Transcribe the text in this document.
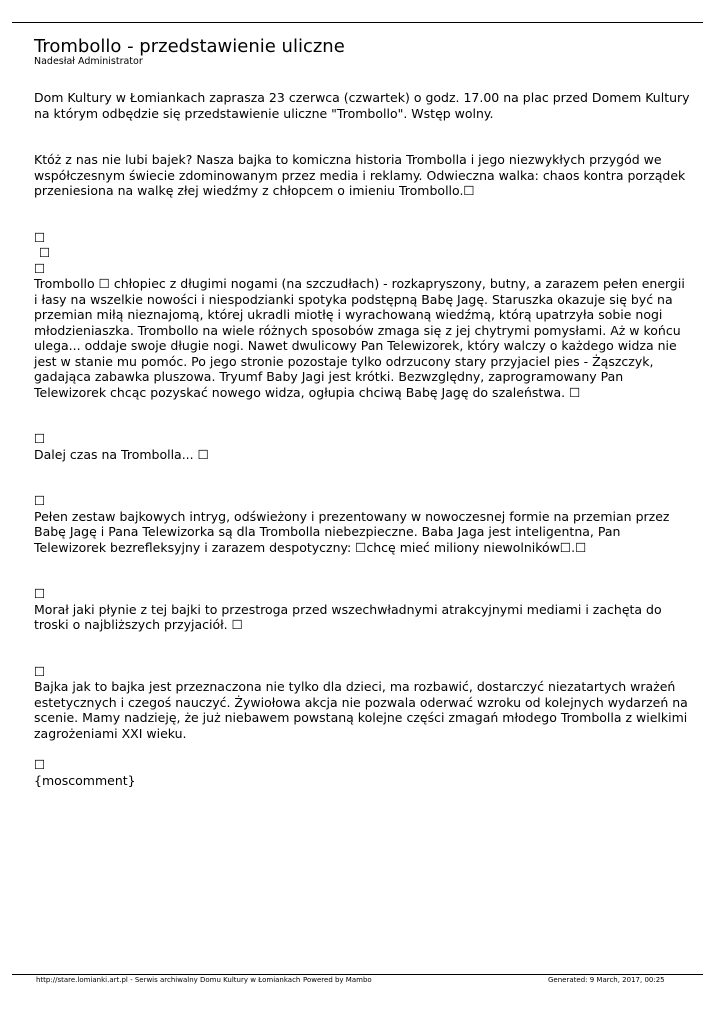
Trombollo - przedstawienie uliczne
Nadesłał Administrator

Dom Kultury w Łomiankach zaprasza 23 czerwca (czwartek) o godz. 17.00 na plac przed Domem Kultury na którym odbędzie się przedstawienie uliczne "Trombollo". Wstęp wolny.

Któż z nas nie lubi bajek? Nasza bajka to komiczna historia Trombolla i jego niezwykłych przygód we współczesnym świecie zdominowanym przez media i reklamy. Odwieczna walka: chaos kontra porządek przeniesiona na walkę złej wiedźmy z chłopcem o imieniu Trombollo.☐

☐
☐
☐

Trombollo ☐ chłopiec z długimi nogami (na szczudłach) - rozkapryszony, butny, a zarazem pełen energii i łasy na wszelkie nowości i niespodzianki spotyka podstępną Babę Jagę. Staruszka okazuje się być na przemian miłą nieznajomą, której ukradli miotłę i wyrachowaną wiedźmą, którą upatrzyła sobie nogi młodzieniaszka. Trombollo na wiele różnych sposobów zmaga się z jej chytrymi pomysłami. Aż w końcu ulega... oddaje swoje długie nogi. Nawet dwulicowy Pan Telewizorek, który walczy o każdego widza nie jest w stanie mu pomóc. Po jego stronie pozostaje tylko odrzucony stary przyjaciel pies - Żąszczyk, gadająca zabawka pluszowa. Tryumf Baby Jagi jest krótki. Bezwzględny, zaprogramowany Pan Telewizorek chcąc pozyskać nowego widza, ogłupia chciwą Babę Jagę do szaleństwa. ☐

☐

Dalej czas na Trombolla... ☐

☐

Pełen zestaw bajkowych intryg, odświeżony i prezentowany w nowoczesnej formie na przemian przez Babę Jagę i Pana Telewizorka są dla Trombolla niebezpieczne. Baba Jaga jest inteligentna, Pan Telewizorek bezrefleksyjny i zarazem despotyczny: ☐chcę mieć miliony niewolników☐.☐

☐

Morał jaki płynie z tej bajki to przestroga przed wszechwładnymi atrakcyjnymi mediami i zachęta do troski o najbliższych przyjaciół. ☐

☐

Bajka jak to bajka jest przeznaczona nie tylko dla dzieci, ma rozbawić, dostarczyć niezatartych wrażeń estetycznych i czegoś nauczyć. Żywiołowa akcja nie pozwala oderwać wzroku od kolejnych wydarzeń na scenie. Mamy nadzieję, że już niebawem powstaną kolejne części zmagań młodego Trombolla z wielkimi zagrożeniami XXI wieku.

☐

{moscomment}

http://stare.lomianki.art.pl - Serwis archiwalny Domu Kultury w Łomiankach Powered by Mambo	Generated: 9 March, 2017, 00:25
